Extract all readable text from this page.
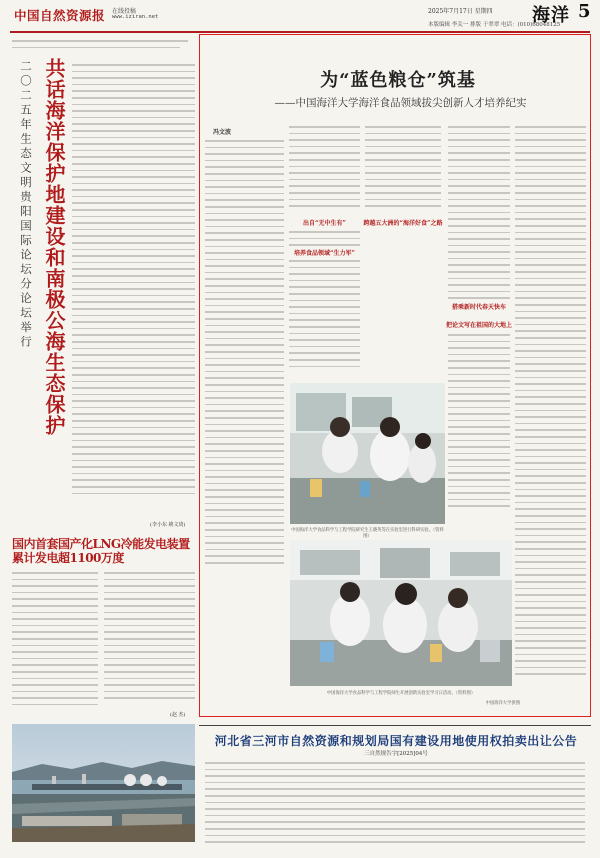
中国自然资源报 在线投稿
www.iziran.net
2025年7月17日 星期四
本版编辑 李关一 排版 于翠翠 电话：(010)68048125
海洋 5
共话海洋保护地建设和南极公海生态保护
二〇二五年生态文明贵阳国际论坛分论坛举行
(李小东 姚文琦)
国内首套国产化LNG冷能发电装置累计发电超1100万度
(赵 杰)
为“蓝色粮仓”筑基
——中国海洋大学海洋食品领域拔尖创新人才培养纪实
冯文波
出自“无中生有”
培养食品领域“生力军”
跨越五大洲的“海洋好食”之路
中国海洋大学食品科学与工程学院研究生王晓英等在实验室进行科研实验。（资料图）
搭乘新时代春天快车
把论文写在祖国的大地上
中国海洋大学食品科学与工程学院师生开展创新实验室学习日活动。（资料图）
中国海洋大学供图
河北省三河市自然资源和规划局国有建设用地使用权拍卖出让公告
三自然规告字[2025]04号
